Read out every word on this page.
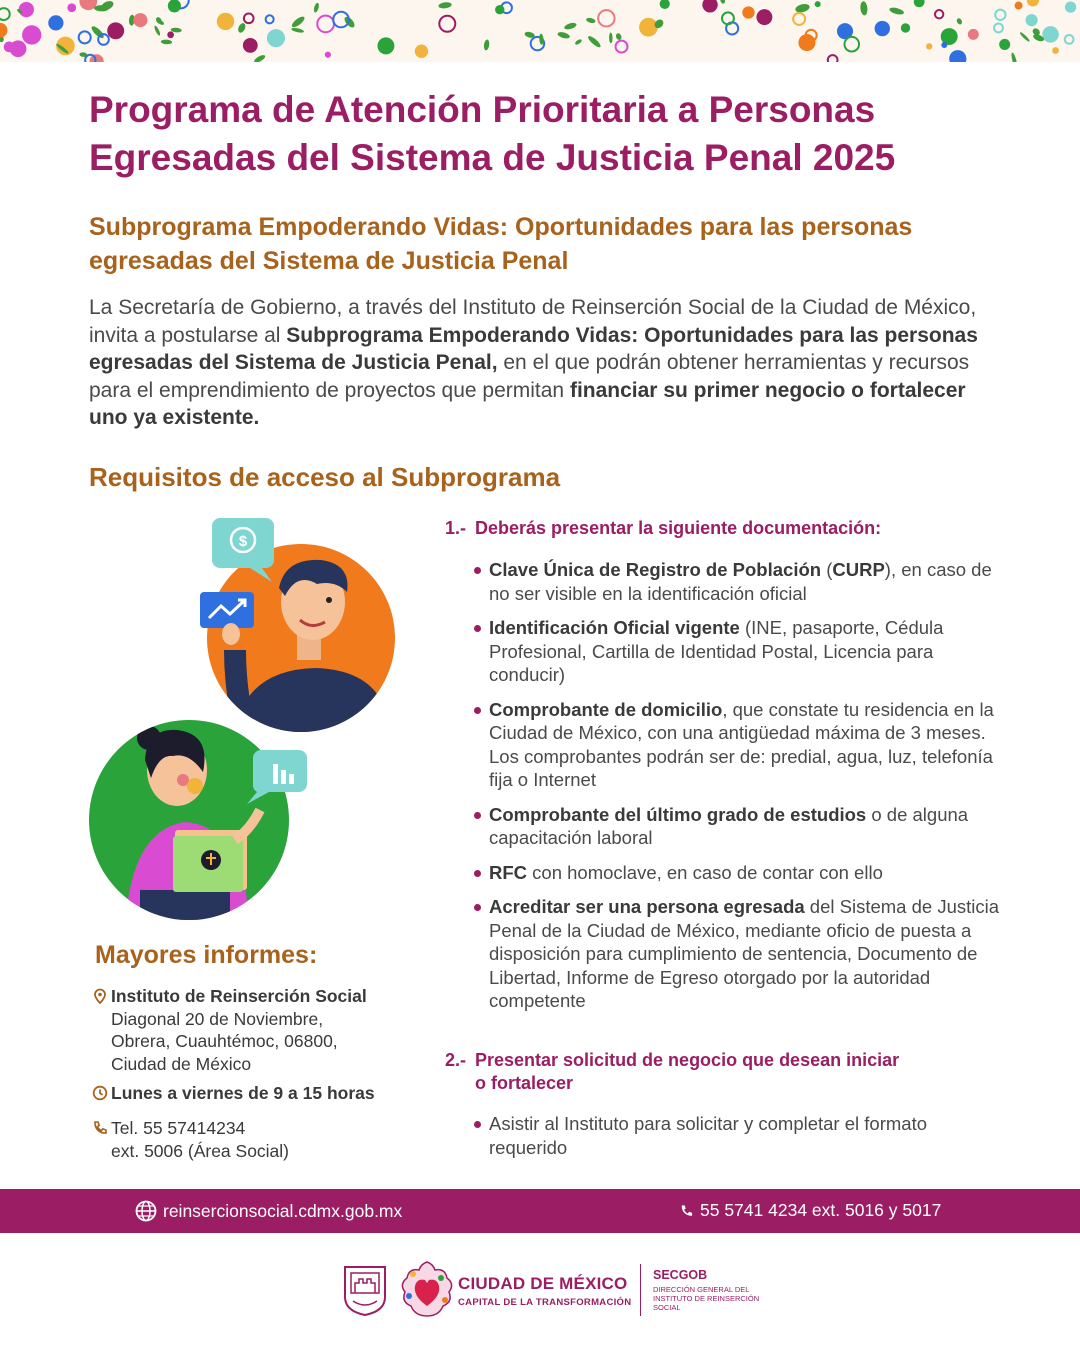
Programa de Atención Prioritaria a Personas
Egresadas del Sistema de Justicia Penal 2025
Subprograma Empoderando Vidas: Oportunidades para las personas
egresadas del Sistema de Justicia Penal

La Secretaría de Gobierno, a través del Instituto de Reinserción Social de la Ciudad de México, invita a postularse al Subprograma Empoderando Vidas: Oportunidades para las personas egresadas del Sistema de Justicia Penal, en el que podrán obtener herramientas y recursos para el emprendimiento de proyectos que permitan financiar su primer negocio o fortalecer uno ya existente.

Requisitos de acceso al Subprograma
$
1.- Deberás presentar la siguiente documentación:
Clave Única de Registro de Población (CURP), en caso de no ser visible en la identificación oficial
Identificación Oficial vigente (INE, pasaporte, Cédula Profesional, Cartilla de Identidad Postal, Licencia para conducir)
Comprobante de domicilio, que constate tu residencia en la Ciudad de México, con una antigüedad máxima de 3 meses. Los comprobantes podrán ser de: predial, agua, luz, telefonía fija o Internet
Comprobante del último grado de estudios o de alguna capacitación laboral
RFC con homoclave, en caso de contar con ello
Acreditar ser una persona egresada del Sistema de Justicia Penal de la Ciudad de México, mediante oficio de puesta a disposición para cumplimiento de sentencia, Documento de Libertad, Informe de Egreso otorgado por la autoridad competente
2.- Presentar solicitud de negocio que desean iniciar
o fortalecer
Asistir al Instituto para solicitar y completar el formato requerido
Mayores informes:
Instituto de Reinserción Social
Diagonal 20 de Noviembre,
Obrera, Cuauhtémoc, 06800,
Ciudad de México
Lunes a viernes de 9 a 15 horas
Tel. 55 57414234
ext. 5006 (Área Social)
reinsercionsocial.cdmx.gob.mx	55 5741 4234 ext. 5016 y 5017
CIUDAD DE MÉXICO
CAPITAL DE LA TRANSFORMACIÓN
SECGOB
DIRECCIÓN GENERAL DEL INSTITUTO DE REINSERCIÓN SOCIAL
